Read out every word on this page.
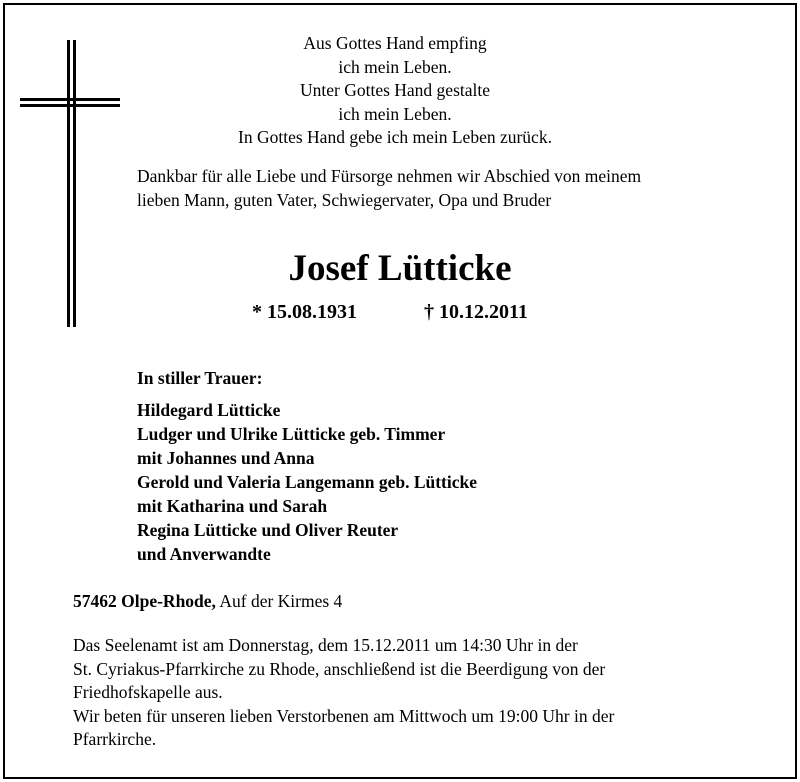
Aus Gottes Hand empfing
ich mein Leben.
Unter Gottes Hand gestalte
ich mein Leben.
In Gottes Hand gebe ich mein Leben zurück.
Dankbar für alle Liebe und Fürsorge nehmen wir Abschied von meinem
lieben Mann, guten Vater, Schwiegervater, Opa und Bruder
Josef Lütticke
* 15.08.1931	† 10.12.2011
In stiller Trauer:
Hildegard Lütticke
Ludger und Ulrike Lütticke geb. Timmer
mit Johannes und Anna
Gerold und Valeria Langemann geb. Lütticke
mit Katharina und Sarah
Regina Lütticke und Oliver Reuter
und Anverwandte
57462 Olpe-Rhode, Auf der Kirmes 4
Das Seelenamt ist am Donnerstag, dem 15.12.2011 um 14:30 Uhr in der
St. Cyriakus-Pfarrkirche zu Rhode, anschließend ist die Beerdigung von der
Friedhofskapelle aus.
Wir beten für unseren lieben Verstorbenen am Mittwoch um 19:00 Uhr in der
Pfarrkirche.
